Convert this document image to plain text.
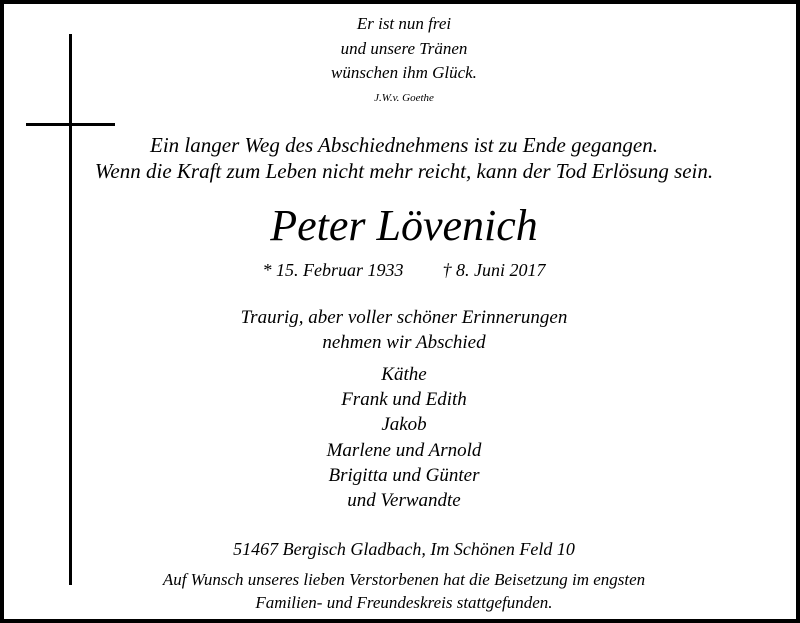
Er ist nun frei
und unsere Tränen
wünschen ihm Glück.
J.W.v. Goethe
Ein langer Weg des Abschiednehmens ist zu Ende gegangen.
Wenn die Kraft zum Leben nicht mehr reicht, kann der Tod Erlösung sein.
Peter Lövenich
* 15. Februar 1933 † 8. Juni 2017
Traurig, aber voller schöner Erinnerungen
nehmen wir Abschied
Käthe
Frank und Edith
Jakob
Marlene und Arnold
Brigitta und Günter
und Verwandte
51467 Bergisch Gladbach, Im Schönen Feld 10
Auf Wunsch unseres lieben Verstorbenen hat die Beisetzung im engsten
Familien- und Freundeskreis stattgefunden.
